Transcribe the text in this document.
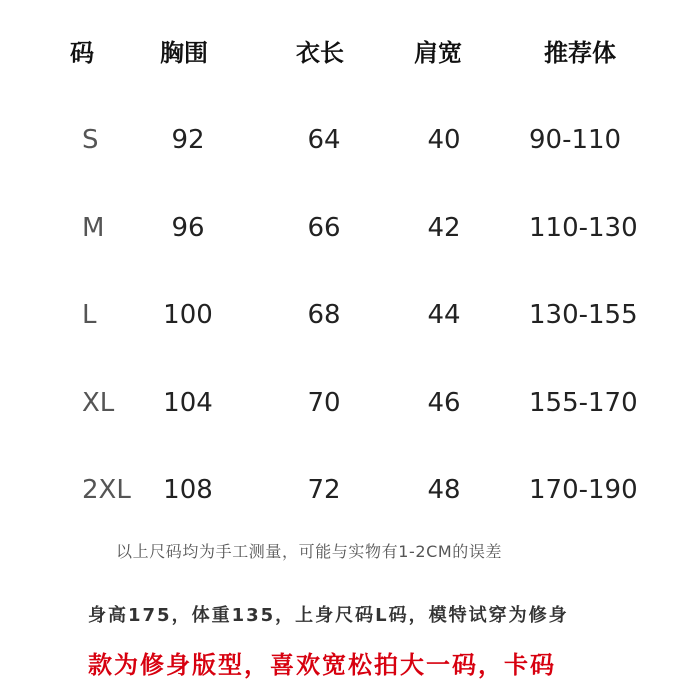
码	胸围	衣长	肩宽	推荐体
S	92	64	40	90-110
M	96	66	42	110-130
L	100	68	44	130-155
XL	104	70	46	155-170
2XL	108	72	48	170-190
以上尺码均为手工测量，可能与实物有1-2CM的误差
身高175，体重135，上身尺码L码，模特试穿为修身
款为修身版型，喜欢宽松拍大一码，卡码
